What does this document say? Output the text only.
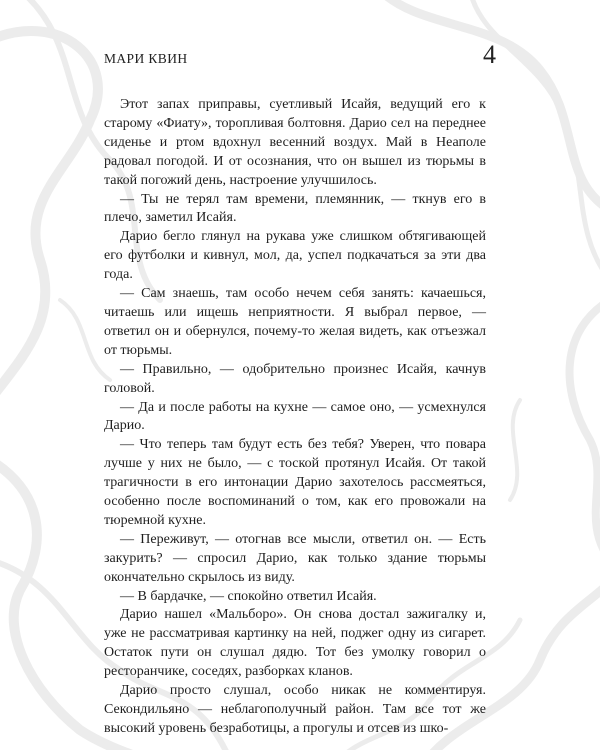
МАРИ КВИН	4

Этот запах приправы, суетливый Исайя, ведущий его к старому «Фиату», торопливая болтовня. Дарио сел на переднее сиденье и ртом вдохнул весенний воздух. Май в Неаполе радовал погодой. И от осознания, что он вышел из тюрьмы в такой погожий день, настроение улучшилось.

— Ты не терял там времени, племянник, — ткнув его в плечо, заметил Исайя.

Дарио бегло глянул на рукава уже слишком обтягивающей его футболки и кивнул, мол, да, успел подкачаться за эти два года.

— Сам знаешь, там особо нечем себя занять: качаешься, читаешь или ищешь неприятности. Я выбрал первое, — ответил он и обернулся, почему-то желая видеть, как отъезжал от тюрьмы.

— Правильно, — одобрительно произнес Исайя, качнув головой.

— Да и после работы на кухне — самое оно, — усмехнулся Дарио.

— Что теперь там будут есть без тебя? Уверен, что повара лучше у них не было, — с тоской протянул Исайя. От такой трагичности в его интонации Дарио захотелось рассмеяться, особенно после воспоминаний о том, как его провожали на тюремной кухне.

— Переживут, — отогнав все мысли, ответил он. — Есть закурить? — спросил Дарио, как только здание тюрьмы окончательно скрылось из виду.

— В бардачке, — спокойно ответил Исайя.

Дарио нашел «Мальборо». Он снова достал зажигалку и, уже не рассматривая картинку на ней, поджег одну из сигарет. Остаток пути он слушал дядю. Тот без умолку говорил о ресторанчике, соседях, разборках кланов.

Дарио просто слушал, особо никак не комментируя. Секондильяно — неблагополучный район. Там все тот же высокий уровень безработицы, а прогулы и отсев из шко-
